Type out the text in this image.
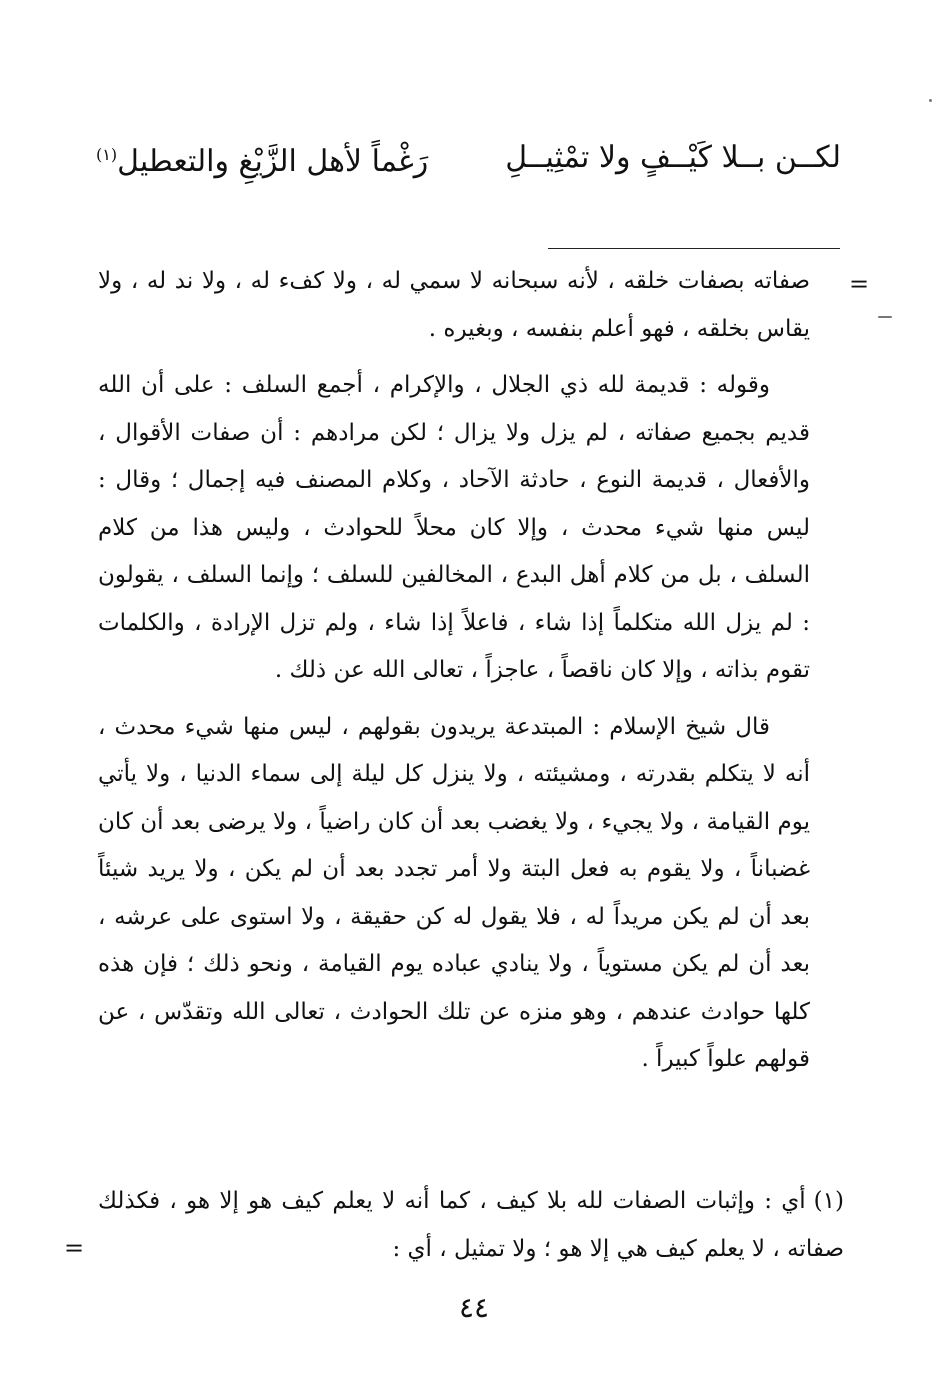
لكــن بــلا كَيْــفٍ ولا تمْثِيــلِ
رَغْماً لأهل الزَّيْغِ والتعطيل$^{(١)}$
=

صفاته بصفات خلقه ، لأنه سبحانه لا سمي له ، ولا كفء له ، ولا ند له ، ولا يقاس بخلقه ، فهو أعلم بنفسه ، وبغيره .

وقوله : قديمة لله ذي الجلال ، والإكرام ، أجمع السلف : على أن الله قديم بجميع صفاته ، لم يزل ولا يزال ؛ لكن مرادهم : أن صفات الأقوال ، والأفعال ، قديمة النوع ، حادثة الآحاد ، وكلام المصنف فيه إجمال ؛ وقال : ليس منها شيء محدث ، وإلا كان محلاً للحوادث ، وليس هذا من كلام السلف ، بل من كلام أهل البدع ، المخالفين للسلف ؛ وإنما السلف ، يقولون : لم يزل الله متكلماً إذا شاء ، فاعلاً إذا شاء ، ولم تزل الإرادة ، والكلمات تقوم بذاته ، وإلا كان ناقصاً ، عاجزاً ، تعالى الله عن ذلك .

قال شيخ الإسلام : المبتدعة يريدون بقولهم ، ليس منها شيء محدث ، أنه لا يتكلم بقدرته ، ومشيئته ، ولا ينزل كل ليلة إلى سماء الدنيا ، ولا يأتي يوم القيامة ، ولا يجيء ، ولا يغضب بعد أن كان راضياً ، ولا يرضى بعد أن كان غضباناً ، ولا يقوم به فعل البتة ولا أمر تجدد بعد أن لم يكن ، ولا يريد شيئاً بعد أن لم يكن مريداً له ، فلا يقول له كن حقيقة ، ولا استوى على عرشه ، بعد أن لم يكن مستوياً ، ولا ينادي عباده يوم القيامة ، ونحو ذلك ؛ فإن هذه كلها حوادث عندهم ، وهو منزه عن تلك الحوادث ، تعالى الله وتقدّس ، عن قولهم علواً كبيراً .

(١)أي : وإثبات الصفات لله بلا كيف ، كما أنه لا يعلم كيف هو إلا هو ، فكذلك صفاته ، لا يعلم كيف هي إلا هو ؛ ولا تمثيل ، أي :
=
٤٤
